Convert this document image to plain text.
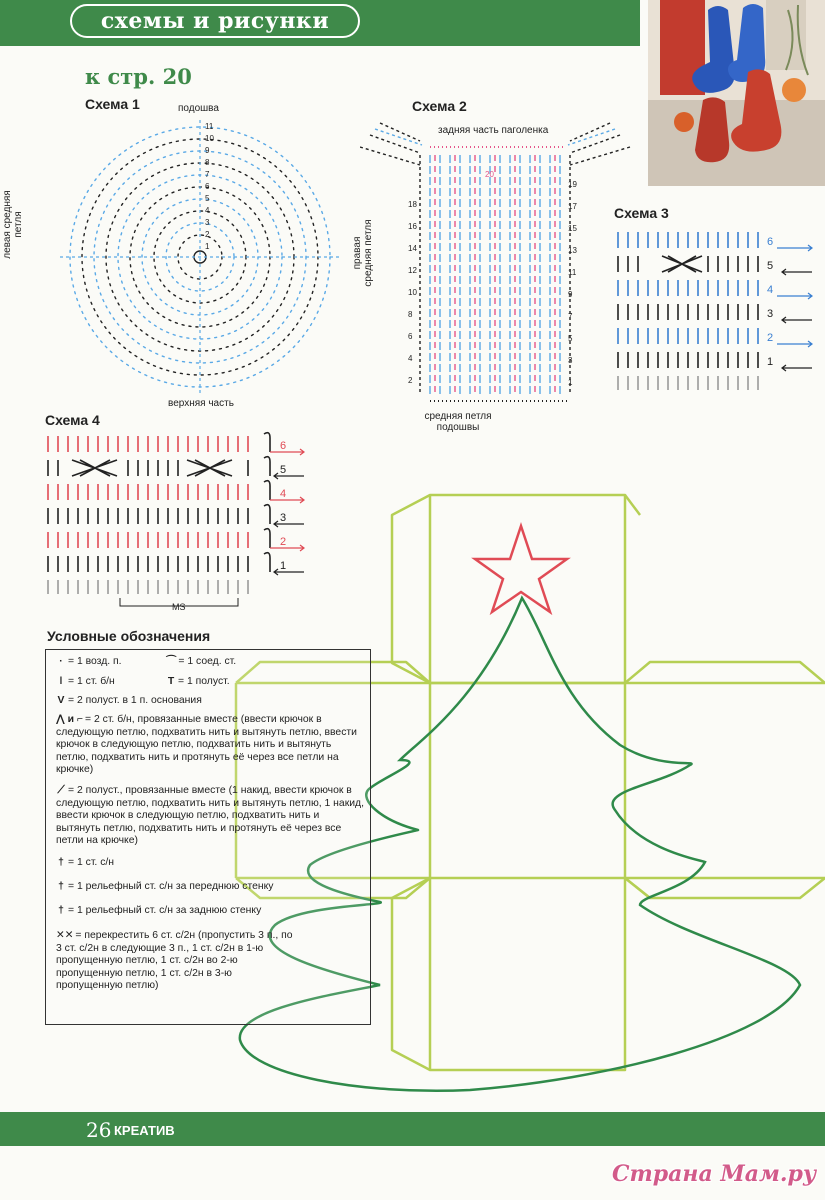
схемы и рисунки
к стр. 20
Схема 1	подошва
верхняя часть
левая средняя петля
правая средняя петля
11
10
9
8
7
6
5
4
3
2
1
Схема 2
задняя часть паголенка
средняя петля подошвы
20
18
16
14
12
10
8
6
4
2
19
17
15
13
11
9
7
5
3
1
Схема 3
6
5
4
3
2
1
Схема 4
6
5
4
3
2
1
MS
Условные обозначения
· = 1 возд. п.	⌒ = 1 соед. ст.
ǀ = 1 ст. б/н	T = 1 полуст.
V = 2 полуст. в 1 п. основания
⋀ и ⌐ = 2 ст. б/н, провязанные вместе (ввести крючок в следующую петлю, подхватить нить и вытянуть петлю, ввести крючок в следующую петлю, подхватить нить и вытянуть петлю, подхватить нить и протянуть её через все петли на крючке)
⟋ = 2 полуст., провязанные вместе (1 накид, ввести крючок в следующую петлю, подхватить нить и вытянуть петлю, 1 накид, ввести крючок в следующую петлю, подхватить нить и вытянуть петлю, подхватить нить и протянуть её через все петли на крючке)
† = 1 ст. с/н
† = 1 рельефный ст. с/н за переднюю стенку
† = 1 рельефный ст. с/н за заднюю стенку
✕✕ = перекрестить 6 ст. с/2н (пропустить 3 п., по 3 ст. с/2н в следующие 3 п., 1 ст. с/2н в 1-ю пропущенную петлю, 1 ст. с/2н во 2-ю пропущенную петлю, 1 ст. с/2н в 3-ю пропущенную петлю)
26 КРЕАТИВ
Страна Мам.ру
